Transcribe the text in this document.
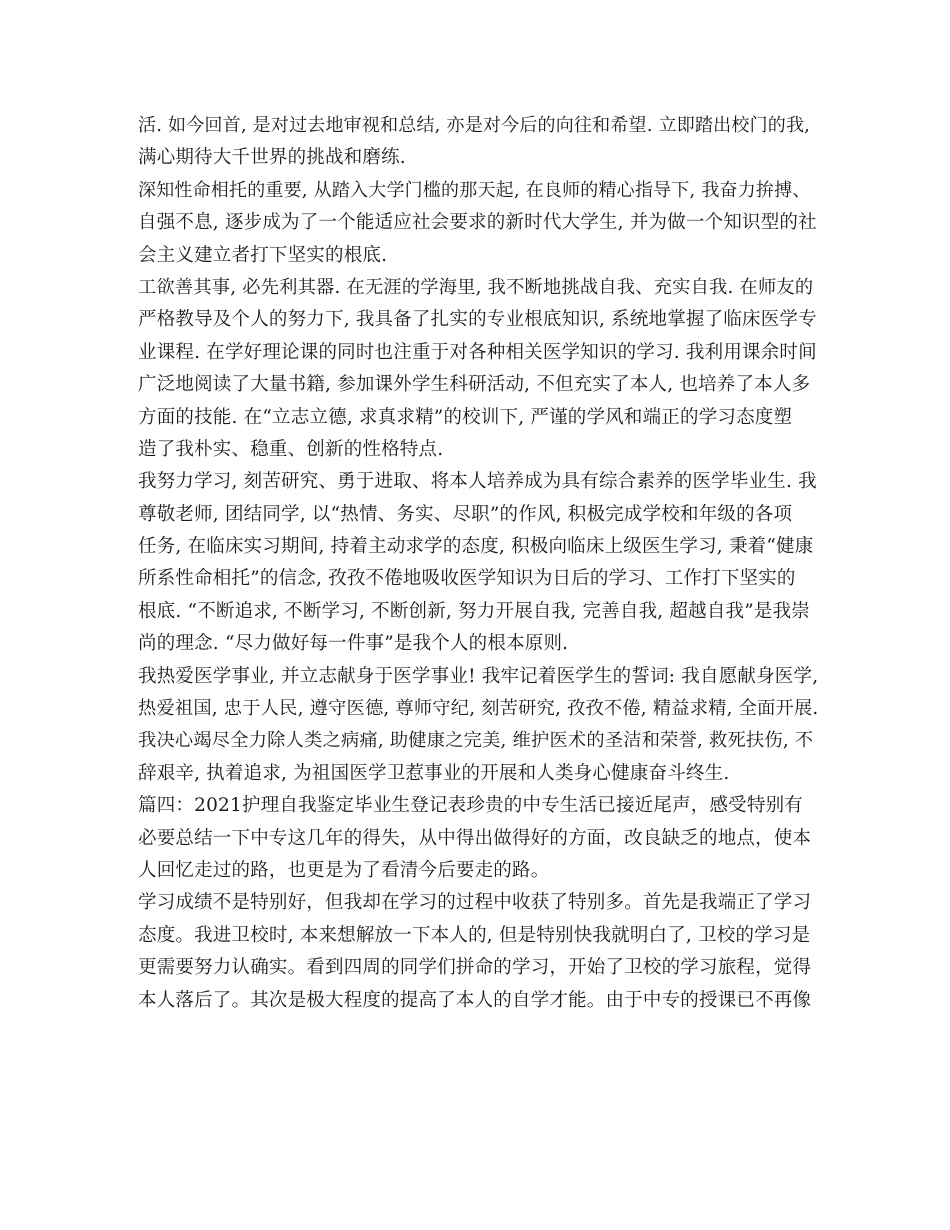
活. 如今回首, 是对过去地审视和总结, 亦是对今后的向往和希望. 立即踏出校门的我,
满心期待大千世界的挑战和磨练.
深知性命相托的重要, 从踏入大学门槛的那天起, 在良师的精心指导下, 我奋力拚搏、
自强不息, 逐步成为了一个能适应社会要求的新时代大学生, 并为做一个知识型的社
会主义建立者打下坚实的根底.
工欲善其事, 必先利其器. 在无涯的学海里, 我不断地挑战自我、充实自我. 在师友的
严格教导及个人的努力下, 我具备了扎实的专业根底知识, 系统地掌握了临床医学专
业课程. 在学好理论课的同时也注重于对各种相关医学知识的学习. 我利用课余时间
广泛地阅读了大量书籍, 参加课外学生科研活动, 不但充实了本人, 也培养了本人多
方面的技能. 在“立志立德, 求真求精”的校训下, 严谨的学风和端正的学习态度塑
造了我朴实、稳重、创新的性格特点.
我努力学习, 刻苦研究、勇于进取、将本人培养成为具有综合素养的医学毕业生. 我
尊敬老师, 团结同学, 以“热情、务实、尽职”的作风, 积极完成学校和年级的各项
任务, 在临床实习期间, 持着主动求学的态度, 积极向临床上级医生学习, 秉着“健康
所系性命相托”的信念, 孜孜不倦地吸收医学知识为日后的学习、工作打下坚实的
根底. “不断追求, 不断学习, 不断创新, 努力开展自我, 完善自我, 超越自我”是我崇
尚的理念. “尽力做好每一件事”是我个人的根本原则.
我热爱医学事业, 并立志献身于医学事业! 我牢记着医学生的誓词: 我自愿献身医学,
热爱祖国, 忠于人民, 遵守医德, 尊师守纪, 刻苦研究, 孜孜不倦, 精益求精, 全面开展.
我决心竭尽全力除人类之病痛, 助健康之完美, 维护医术的圣洁和荣誉, 救死扶伤, 不
辞艰辛, 执着追求, 为祖国医学卫惹事业的开展和人类身心健康奋斗终生.
篇四：2021护理自我鉴定毕业生登记表珍贵的中专生活已接近尾声，感受特别有
必要总结一下中专这几年的得失，从中得出做得好的方面，改良缺乏的地点，使本
人回忆走过的路，也更是为了看清今后要走的路。
学习成绩不是特别好，但我却在学习的过程中收获了特别多。首先是我端正了学习
态度。我进卫校时, 本来想解放一下本人的, 但是特别快我就明白了, 卫校的学习是
更需要努力认确实。看到四周的同学们拼命的学习，开始了卫校的学习旅程，觉得
本人落后了。其次是极大程度的提高了本人的自学才能。由于中专的授课已不再像
